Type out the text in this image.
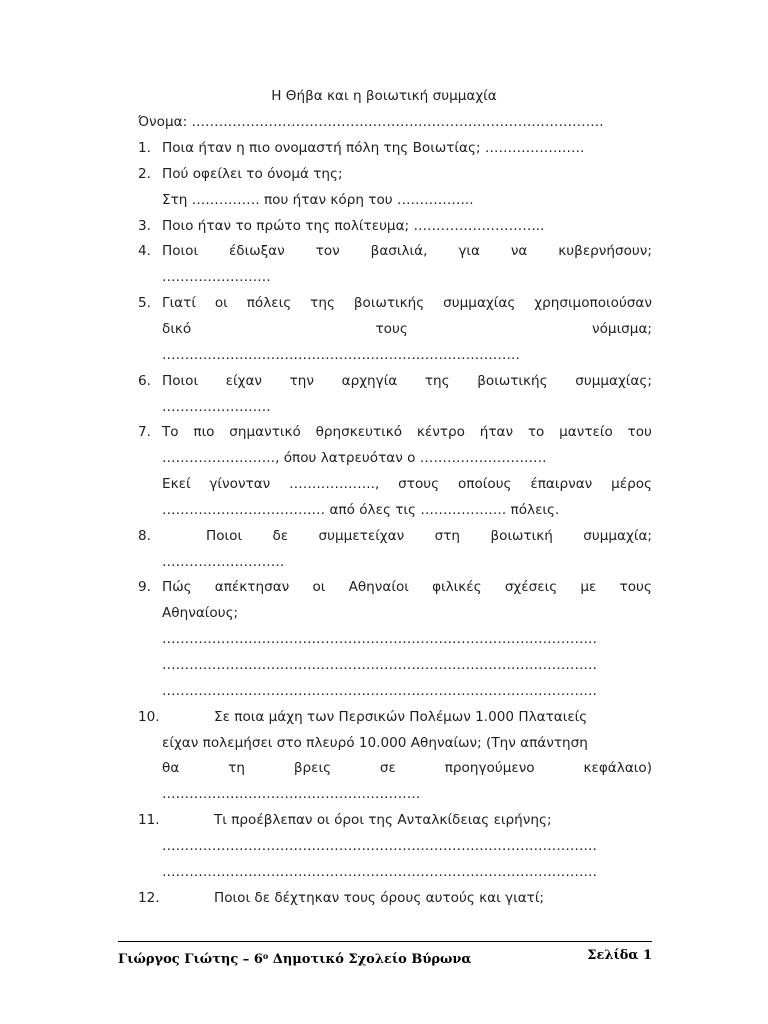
Η Θήβα και η βοιωτική συμμαχία
Όνομα: ……………………………………………………………………………….
1. Ποια ήταν η πιο ονομαστή πόλη της Βοιωτίας; ………………….
2. Πού οφείλει το όνομά της;
Στη …………… που ήταν κόρη του ……………..
3. Ποιο ήταν το πρώτο της πολίτευμα; ………………………..
4. Ποιοι έδιωξαν τον βασιλιά, για να κυβερνήσουν;
……………………
5. Γιατί οι πόλεις της βοιωτικής συμμαχίας χρησιμοποιούσαν
δικό	τους	νόμισμα;
…………………………………………………………………….
6. Ποιοι είχαν την αρχηγία της βοιωτικής συμμαχίας;
……………………
7. Το πιο σημαντικό θρησκευτικό κέντρο ήταν το μαντείο του
……………………., όπου λατρευόταν ο ……………………….
Εκεί γίνονταν ………………., στους οποίους έπαιρναν μέρος
……………………………… από όλες τις ………………. πόλεις.
8.	Ποιοι δε συμμετείχαν στη βοιωτική συμμαχία;
………………………
9. Πώς απέκτησαν οι Αθηναίοι φιλικές σχέσεις με τους
Αθηναίους;
……………………………………………………………………………………
……………………………………………………………………………………
……………………………………………………………………………………
10.	Σε ποια μάχη των Περσικών Πολέμων 1.000 Πλαταιείς
είχαν πολεμήσει στο πλευρό 10.000 Αθηναίων; (Την απάντηση
θα	τη	βρεις	σε	προηγούμενο	κεφάλαιο)
…………………………………………………
11.	Τι προέβλεπαν οι όροι της Ανταλκίδειας ειρήνης;
……………………………………………………………………………………
……………………………………………………………………………………
12.	Ποιοι δε δέχτηκαν τους όρους αυτούς και γιατί;
Γιώργος Γιώτης – $6^o$ Δημοτικό Σχολείο Βύρωνα	Σελίδα 1
